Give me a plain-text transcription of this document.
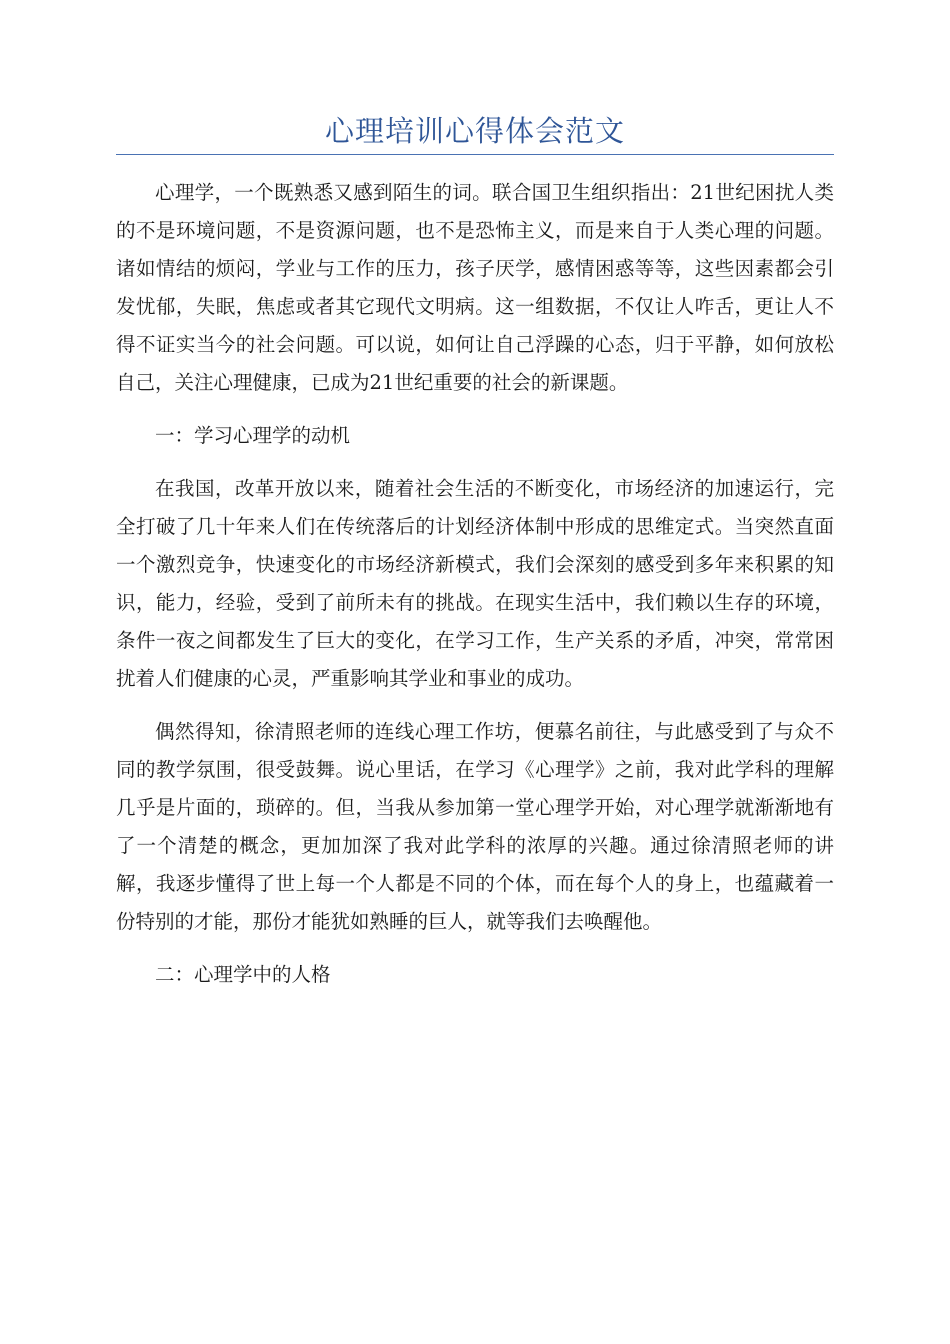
心理培训心得体会范文

心理学，一个既熟悉又感到陌生的词。联合国卫生组织指出：21世纪困扰人类的不是环境问题，不是资源问题，也不是恐怖主义，而是来自于人类心理的问题。诸如情结的烦闷，学业与工作的压力，孩子厌学，感情困惑等等，这些因素都会引发忧郁，失眠，焦虑或者其它现代文明病。这一组数据，不仅让人咋舌，更让人不得不证实当今的社会问题。可以说，如何让自己浮躁的心态，归于平静，如何放松自己，关注心理健康，已成为21世纪重要的社会的新课题。

一：学习心理学的动机

在我国，改革开放以来，随着社会生活的不断变化，市场经济的加速运行，完全打破了几十年来人们在传统落后的计划经济体制中形成的思维定式。当突然直面一个激烈竞争，快速变化的市场经济新模式，我们会深刻的感受到多年来积累的知识，能力，经验，受到了前所未有的挑战。在现实生活中，我们赖以生存的环境，条件一夜之间都发生了巨大的变化，在学习工作，生产关系的矛盾，冲突，常常困扰着人们健康的心灵，严重影响其学业和事业的成功。

偶然得知，徐清照老师的连线心理工作坊，便慕名前往，与此感受到了与众不同的教学氛围，很受鼓舞。说心里话，在学习《心理学》之前，我对此学科的理解几乎是片面的，琐碎的。但，当我从参加第一堂心理学开始，对心理学就渐渐地有了一个清楚的概念，更加加深了我对此学科的浓厚的兴趣。通过徐清照老师的讲解，我逐步懂得了世上每一个人都是不同的个体，而在每个人的身上，也蕴藏着一份特别的才能，那份才能犹如熟睡的巨人，就等我们去唤醒他。

二：心理学中的人格
